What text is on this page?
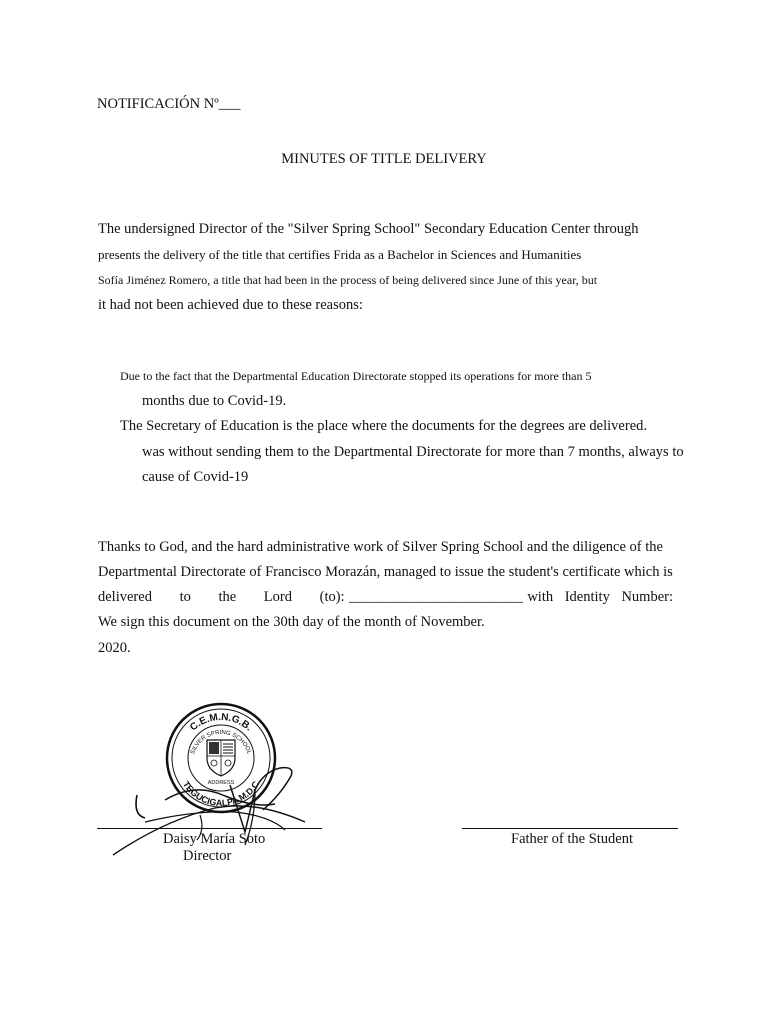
NOTIFICACIÓN Nº___
MINUTES OF TITLE DELIVERY
The undersigned Director of the "Silver Spring School" Secondary Education Center through
presents the delivery of the title that certifies Frida as a Bachelor in Sciences and Humanities
Sofía Jiménez Romero, a title that had been in the process of being delivered since June of this year, but
it had not been achieved due to these reasons:
Due to the fact that the Departmental Education Directorate stopped its operations for more than 5
months due to Covid-19.
The Secretary of Education is the place where the documents for the degrees are delivered.
was without sending them to the Departmental Directorate for more than 7 months, always to
cause of Covid-19
Thanks to God, and the hard administrative work of Silver Spring School and the diligence of the
Departmental Directorate of Francisco Morazán, managed to issue the student's certificate which is
delivered to the Lord (to): ________________________ with Identity Number:
We sign this document on the 30th day of the month of November.
2020.
C.E.M.N.G.B.
SILVER SPRING SCHOOL
TEGUCIGALPA M.D.C
ADDRESS
Daisy María Soto
Director
Father of the Student
